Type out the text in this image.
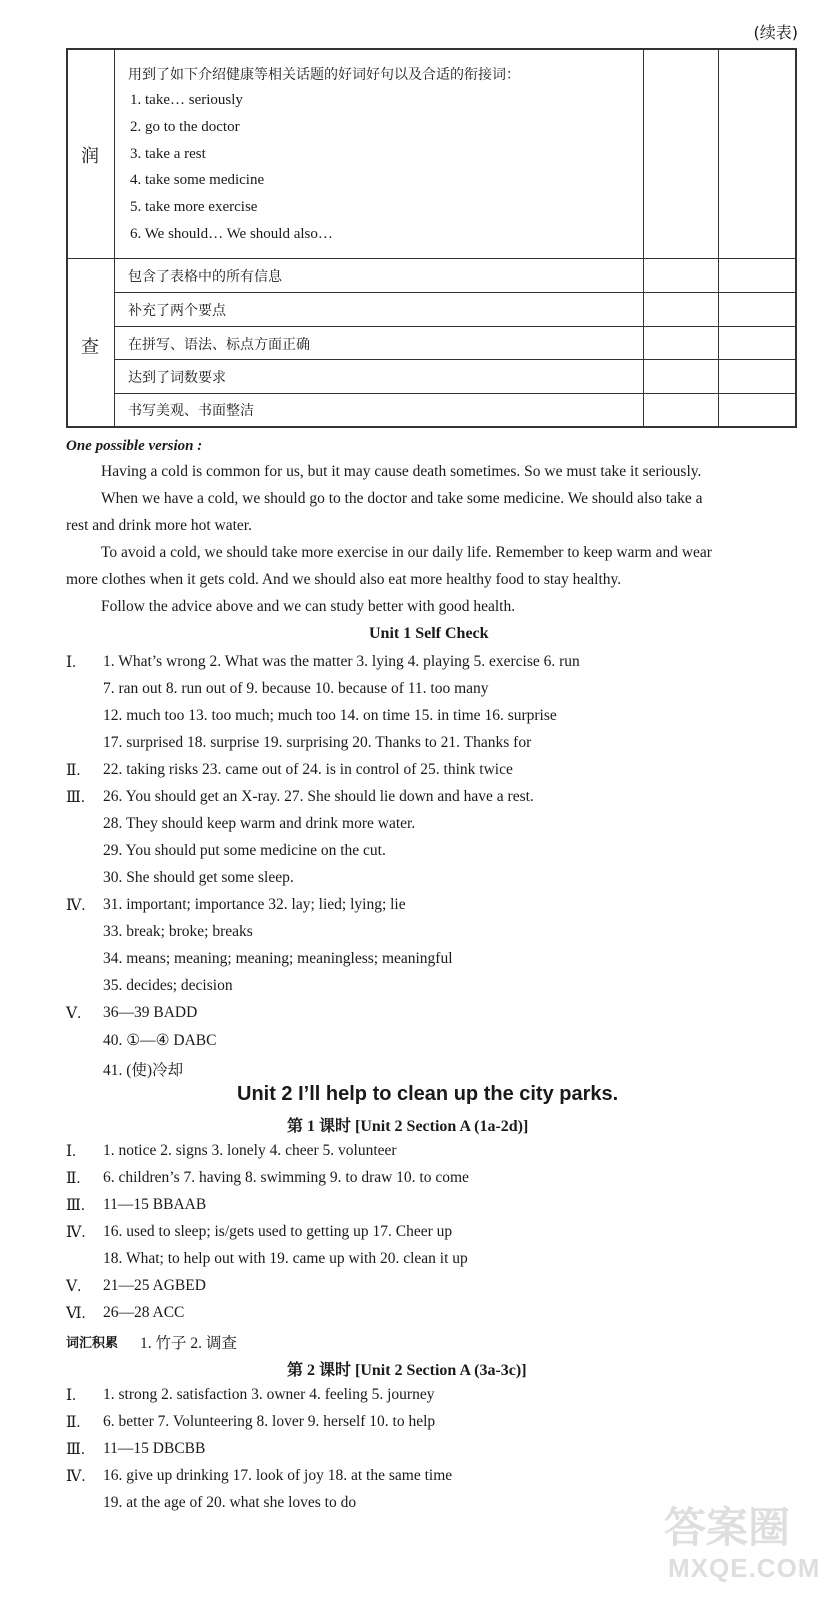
(续表)
润
用到了如下介绍健康等相关话题的好词好句以及合适的衔接词：
1. take… seriously
2. go to the doctor
3. take a rest
4. take some medicine
5. take more exercise
6. We should… We should also…
查
包含了表格中的所有信息
补充了两个要点
在拼写、语法、标点方面正确
达到了词数要求
书写美观、书面整洁
One possible version :
Having a cold is common for us, but it may cause death sometimes. So we must take it seriously.
When we have a cold, we should go to the doctor and take some medicine. We should also take a
rest and drink more hot water.
To avoid a cold, we should take more exercise in our daily life. Remember to keep warm and wear
more clothes when it gets cold. And we should also eat more healthy food to stay healthy.
Follow the advice above and we can study better with good health.
Unit 1 Self Check
Ⅰ. 1. What’s wrong 2. What was the matter 3. lying 4. playing 5. exercise 6. run
7. ran out 8. run out of 9. because 10. because of 11. too many
12. much too 13. too much; much too 14. on time 15. in time 16. surprise
17. surprised 18. surprise 19. surprising 20. Thanks to 21. Thanks for
Ⅱ. 22. taking risks 23. came out of 24. is in control of 25. think twice
Ⅲ. 26. You should get an X-ray. 27. She should lie down and have a rest.
28. They should keep warm and drink more water.
29. You should put some medicine on the cut.
30. She should get some sleep.
Ⅳ. 31. important; importance 32. lay; lied; lying; lie
33. break; broke; breaks
34. means; meaning; meaning; meaningless; meaningful
35. decides; decision
Ⅴ. 36—39 BADD
40. ①—④ DABC
41. (使)冷却
Unit 2 I’ll help to clean up the city parks.
第 1 课时 [Unit 2 Section A (1a-2d)]
Ⅰ. 1. notice 2. signs 3. lonely 4. cheer 5. volunteer
Ⅱ. 6. children’s 7. having 8. swimming 9. to draw 10. to come
Ⅲ. 11—15 BBAAB
Ⅳ. 16. used to sleep; is/gets used to getting up 17. Cheer up
18. What; to help out with 19. came up with 20. clean it up
Ⅴ. 21—25 AGBED
Ⅵ. 26—28 ACC
词汇积累 1. 竹子 2. 调查
第 2 课时 [Unit 2 Section A (3a-3c)]
Ⅰ. 1. strong 2. satisfaction 3. owner 4. feeling 5. journey
Ⅱ. 6. better 7. Volunteering 8. lover 9. herself 10. to help
Ⅲ. 11—15 DBCBB
Ⅳ. 16. give up drinking 17. look of joy 18. at the same time
19. at the age of 20. what she loves to do
答案圈
MXQE.COM
